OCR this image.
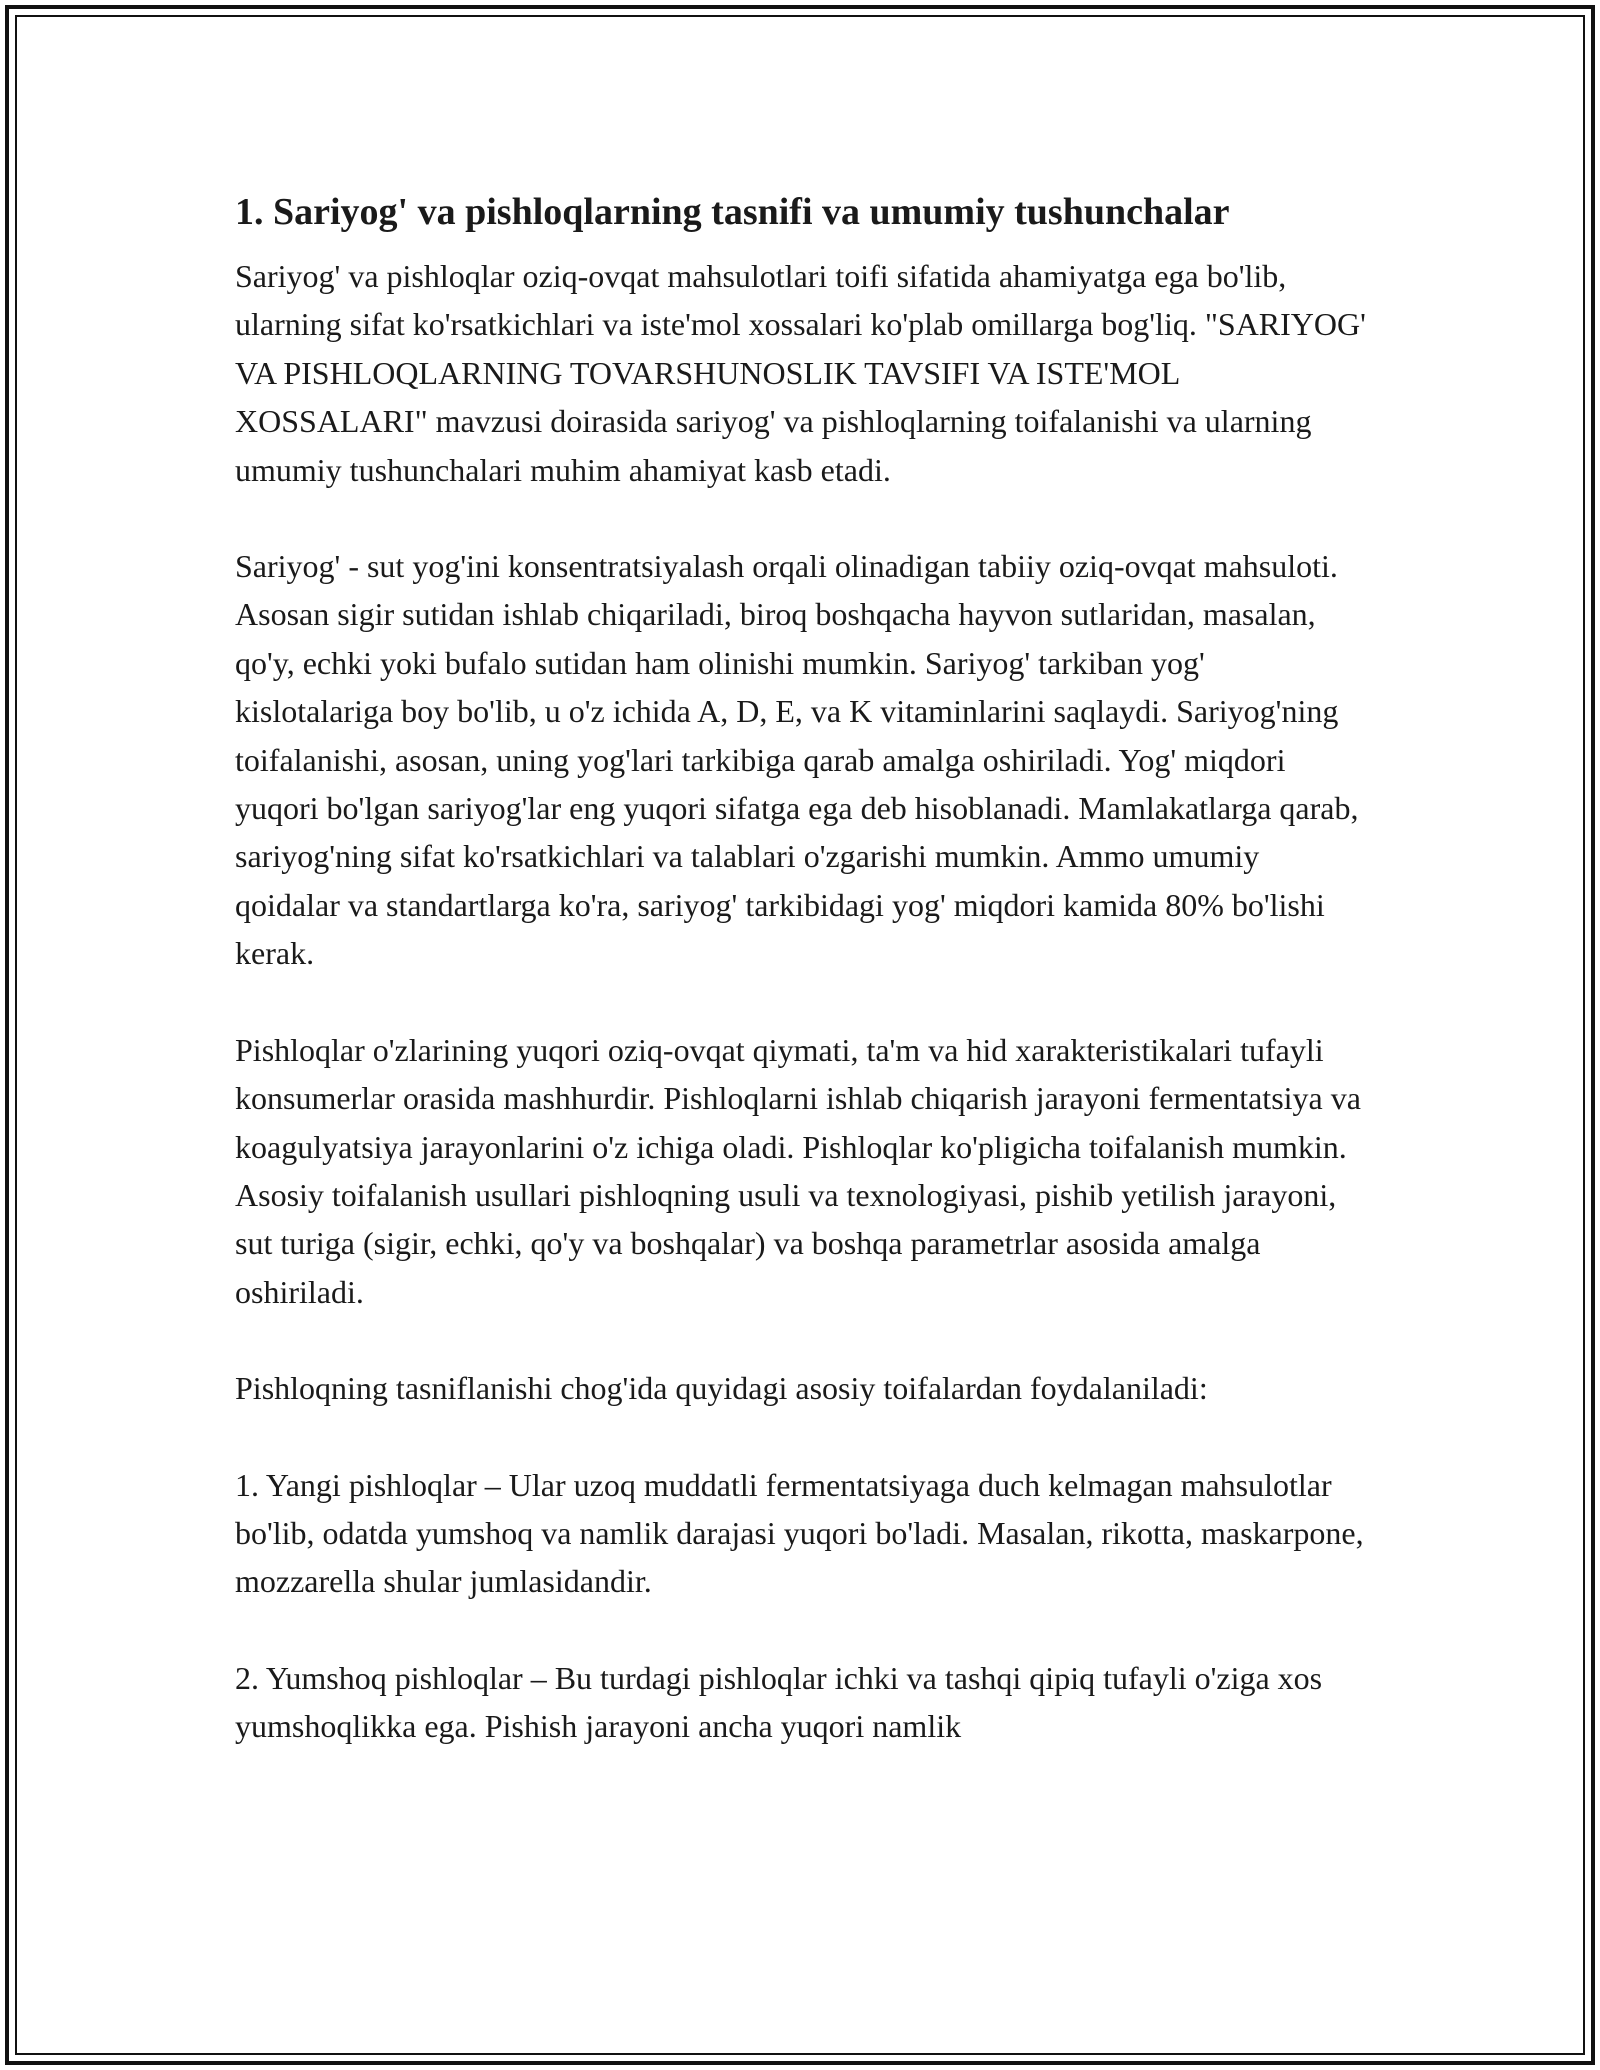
1. Sariyog' va pishloqlarning tasnifi va umumiy tushunchalar

Sariyog' va pishloqlar oziq-ovqat mahsulotlari toifi sifatida ahamiyatga ega bo'lib, ularning sifat ko'rsatkichlari va iste'mol xossalari ko'plab omillarga bog'liq. "SARIYOG' VA PISHLOQLARNING TOVARSHUNOSLIK TAVSIFI VA ISTE'MOL XOSSALARI" mavzusi doirasida sariyog' va pishloqlarning toifalanishi va ularning umumiy tushunchalari muhim ahamiyat kasb etadi.

Sariyog' - sut yog'ini konsentratsiyalash orqali olinadigan tabiiy oziq-ovqat mahsuloti. Asosan sigir sutidan ishlab chiqariladi, biroq boshqacha hayvon sutlaridan, masalan, qo'y, echki yoki bufalo sutidan ham olinishi mumkin. Sariyog' tarkiban yog' kislotalariga boy bo'lib, u o'z ichida A, D, E, va K vitaminlarini saqlaydi. Sariyog'ning toifalanishi, asosan, uning yog'lari tarkibiga qarab amalga oshiriladi. Yog' miqdori yuqori bo'lgan sariyog'lar eng yuqori sifatga ega deb hisoblanadi. Mamlakatlarga qarab, sariyog'ning sifat ko'rsatkichlari va talablari o'zgarishi mumkin. Ammo umumiy qoidalar va standartlarga ko'ra, sariyog' tarkibidagi yog' miqdori kamida 80% bo'lishi kerak.

Pishloqlar o'zlarining yuqori oziq-ovqat qiymati, ta'm va hid xarakteristikalari tufayli konsumerlar orasida mashhurdir. Pishloqlarni ishlab chiqarish jarayoni fermentatsiya va koagulyatsiya jarayonlarini o'z ichiga oladi. Pishloqlar ko'pligicha toifalanish mumkin. Asosiy toifalanish usullari pishloqning usuli va texnologiyasi, pishib yetilish jarayoni, sut turiga (sigir, echki, qo'y va boshqalar) va boshqa parametrlar asosida amalga oshiriladi.

Pishloqning tasniflanishi chog'ida quyidagi asosiy toifalardan foydalaniladi:

1. Yangi pishloqlar – Ular uzoq muddatli fermentatsiyaga duch kelmagan mahsulotlar bo'lib, odatda yumshoq va namlik darajasi yuqori bo'ladi. Masalan, rikotta, maskarpone, mozzarella shular jumlasidandir.

2. Yumshoq pishloqlar – Bu turdagi pishloqlar ichki va tashqi qipiq tufayli o'ziga xos yumshoqlikka ega. Pishish jarayoni ancha yuqori namlik
